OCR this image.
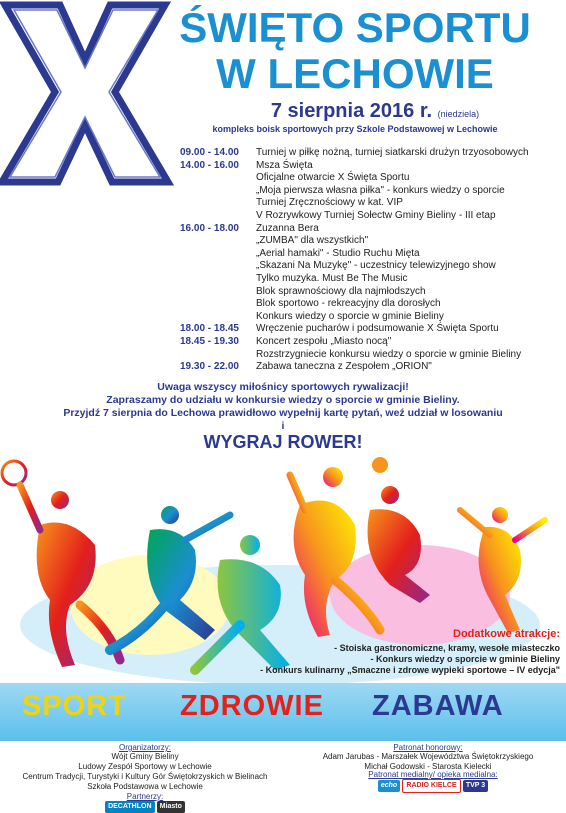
X
ŚWIĘTO SPORTU
W LECHOWIE
7 sierpnia 2016 r. (niedziela)
kompleks boisk sportowych przy Szkole Podstawowej w Lechowie
09.00 - 14.00	Turniej w piłkę nożną, turniej siatkarski drużyn trzyosobowych
14.00 - 16.00	Msza Święta
Oficjalne otwarcie X Święta Sportu
„Moja pierwsza własna piłka" - konkurs wiedzy o sporcie
Turniej Zręcznościowy w kat. VIP
V Rozrywkowy Turniej Sołectw Gminy Bieliny - III etap
16.00 - 18.00	Zuzanna Bera
„ZUMBA" dla wszystkich"
„Aerial hamaki" - Studio Ruchu Mięta
„Skazani Na Muzykę" - uczestnicy telewizyjnego show
Tylko muzyka. Must Be The Music
Blok sprawnościowy dla najmłodszych
Blok sportowo - rekreacyjny dla dorosłych
Konkurs wiedzy o sporcie w gminie Bieliny
18.00 - 18.45	Wręczenie pucharów i podsumowanie X Święta Sportu
18.45 - 19.30	Koncert zespołu „Miasto nocą"
Rozstrzygniecie konkursu wiedzy o sporcie w gminie Bieliny
19.30 - 22.00	Zabawa taneczna z Zespołem „ORION"
Uwaga wszyscy miłośnicy sportowych rywalizacji!
Zapraszamy do udziału w konkursie wiedzy o sporcie w gminie Bieliny.
Przyjdź 7 sierpnia do Lechowa prawidłowo wypełnij kartę pytań, weź udział w losowaniu
i
WYGRAJ ROWER!
Dodatkowe atrakcje:
- Stoiska gastronomiczne, kramy, wesołe miasteczko
- Konkurs wiedzy o sporcie w gminie Bieliny
- Konkurs kulinarny „Smaczne i zdrowe wypieki sportowe – IV edycja"
SPORT ZDROWIE ZABAWA
Organizatorzy:
Wójt Gminy Bieliny
Ludowy Zespół Sportowy w Lechowie
Centrum Tradycji, Turystyki i Kultury Gór Świętokrzyskich w Bielinach
Szkoła Podstawowa w Lechowie
Partnerzy:
DECATHLON Miasto
Patronat honorowy:
Adam Jarubas - Marszałek Województwa Świętokrzyskiego
Michał Godowski - Starosta Kielecki
Patronat medialny/ opieka medialna:
echo RADIO KIELCE TVP 3
